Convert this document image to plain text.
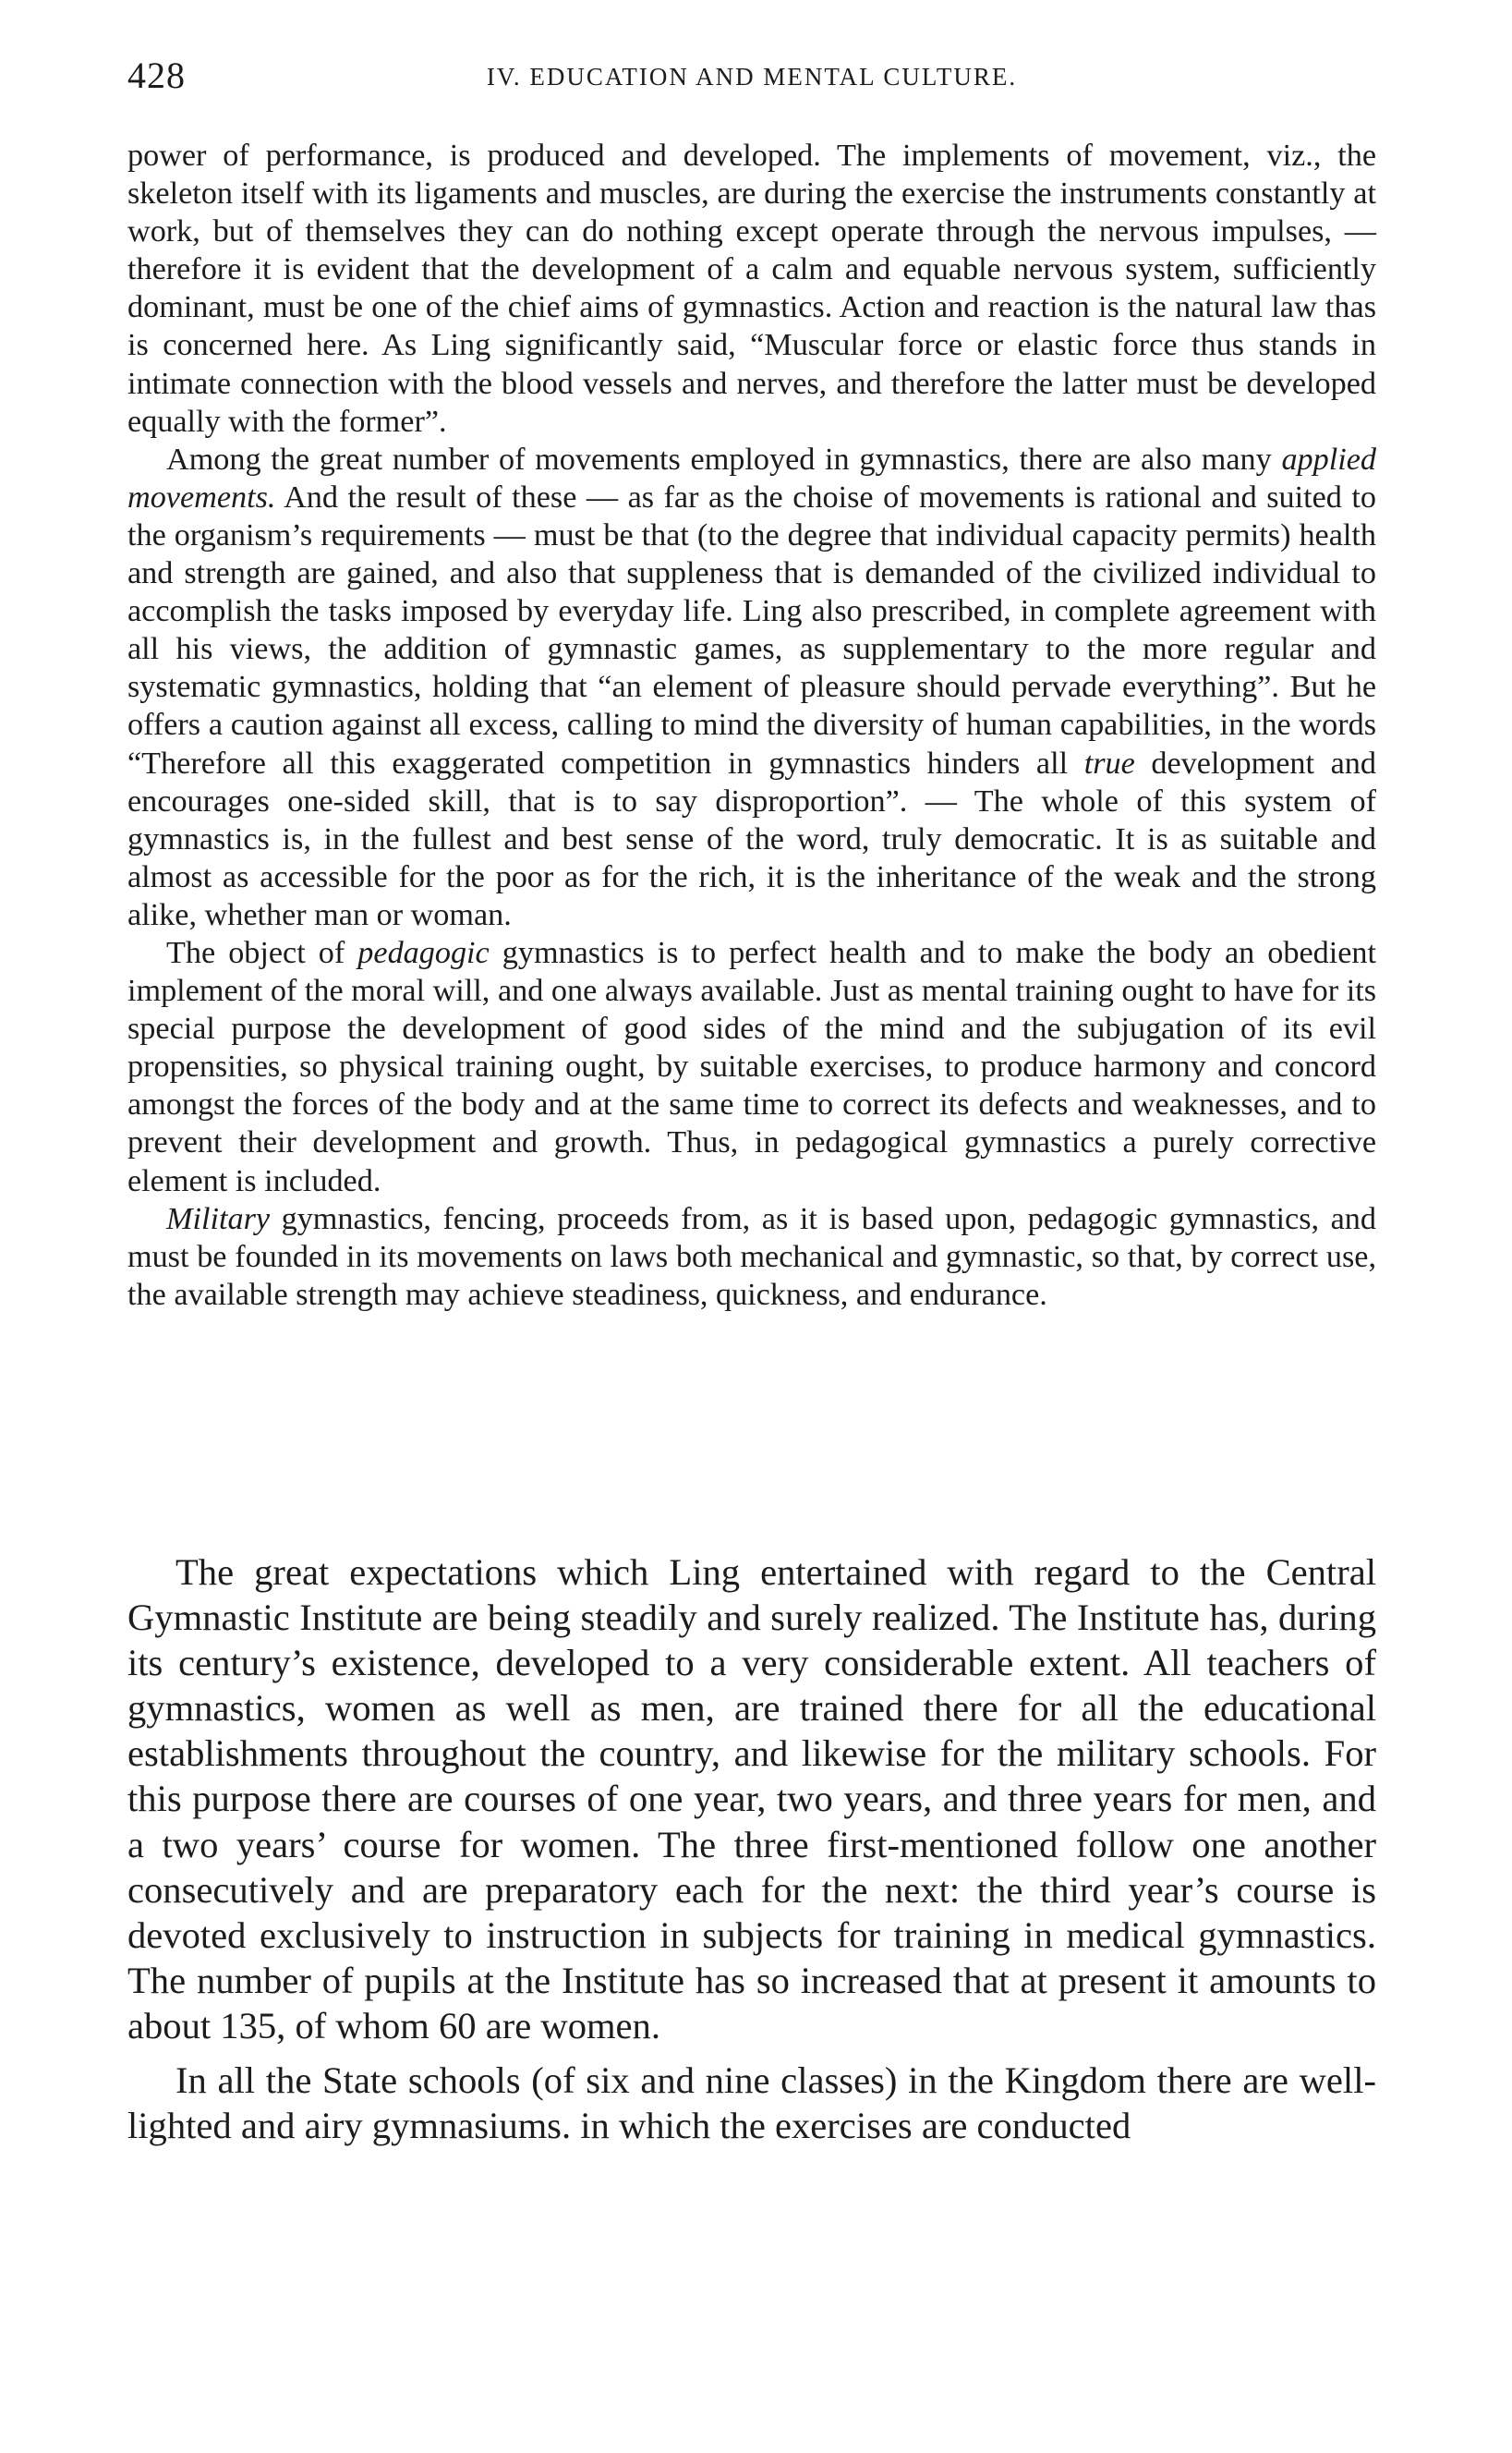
428	IV. EDUCATION AND MENTAL CULTURE.

power of performance, is produced and developed. The implements of movement, viz., the skeleton itself with its ligaments and muscles, are during the exercise the instruments constantly at work, but of themselves they can do nothing except operate through the nervous impulses, — therefore it is evident that the development of a calm and equable nervous system, sufficiently dominant, must be one of the chief aims of gymnastics. Action and reaction is the natural law thas is concerned here. As Ling significantly said, “Muscular force or elastic force thus stands in intimate connection with the blood vessels and nerves, and therefore the latter must be developed equally with the former”.

Among the great number of movements employed in gymnastics, there are also many applied movements. And the result of these — as far as the choise of movements is rational and suited to the organism’s requirements — must be that (to the degree that individual capacity permits) health and strength are gained, and also that suppleness that is demanded of the civilized individual to accomplish the tasks imposed by everyday life. Ling also prescribed, in complete agreement with all his views, the addition of gymnastic games, as supplementary to the more regular and systematic gymnastics, holding that “an element of pleasure should pervade everything”. But he offers a caution against all excess, calling to mind the diversity of human capabilities, in the words “Therefore all this exaggerated competition in gymnastics hinders all true development and encourages one-sided skill, that is to say disproportion”. — The whole of this system of gymnastics is, in the fullest and best sense of the word, truly democratic. It is as suitable and almost as accessible for the poor as for the rich, it is the inheritance of the weak and the strong alike, whether man or woman.

The object of pedagogic gymnastics is to perfect health and to make the body an obedient implement of the moral will, and one always available. Just as mental training ought to have for its special purpose the development of good sides of the mind and the subjugation of its evil propensities, so physical training ought, by suitable exercises, to produce harmony and concord amongst the forces of the body and at the same time to correct its defects and weaknesses, and to prevent their development and growth. Thus, in pedagogical gymnastics a purely corrective element is included.

Military gymnastics, fencing, proceeds from, as it is based upon, pedagogic gymnastics, and must be founded in its movements on laws both mechanical and gymnastic, so that, by correct use, the available strength may achieve steadiness, quickness, and endurance.

The great expectations which Ling entertained with regard to the Central Gymnastic Institute are being steadily and surely realized. The Institute has, during its century’s existence, developed to a very considerable extent. All teachers of gymnastics, women as well as men, are trained there for all the educational establishments throughout the country, and likewise for the military schools. For this purpose there are courses of one year, two years, and three years for men, and a two years’ course for women. The three first-mentioned follow one another consecutively and are preparatory each for the next: the third year’s course is devoted exclusively to instruction in subjects for training in medical gymnastics. The number of pupils at the Institute has so increased that at present it amounts to about 135, of whom 60 are women.

In all the State schools (of six and nine classes) in the Kingdom there are well-lighted and airy gymnasiums. in which the exercises are conducted
